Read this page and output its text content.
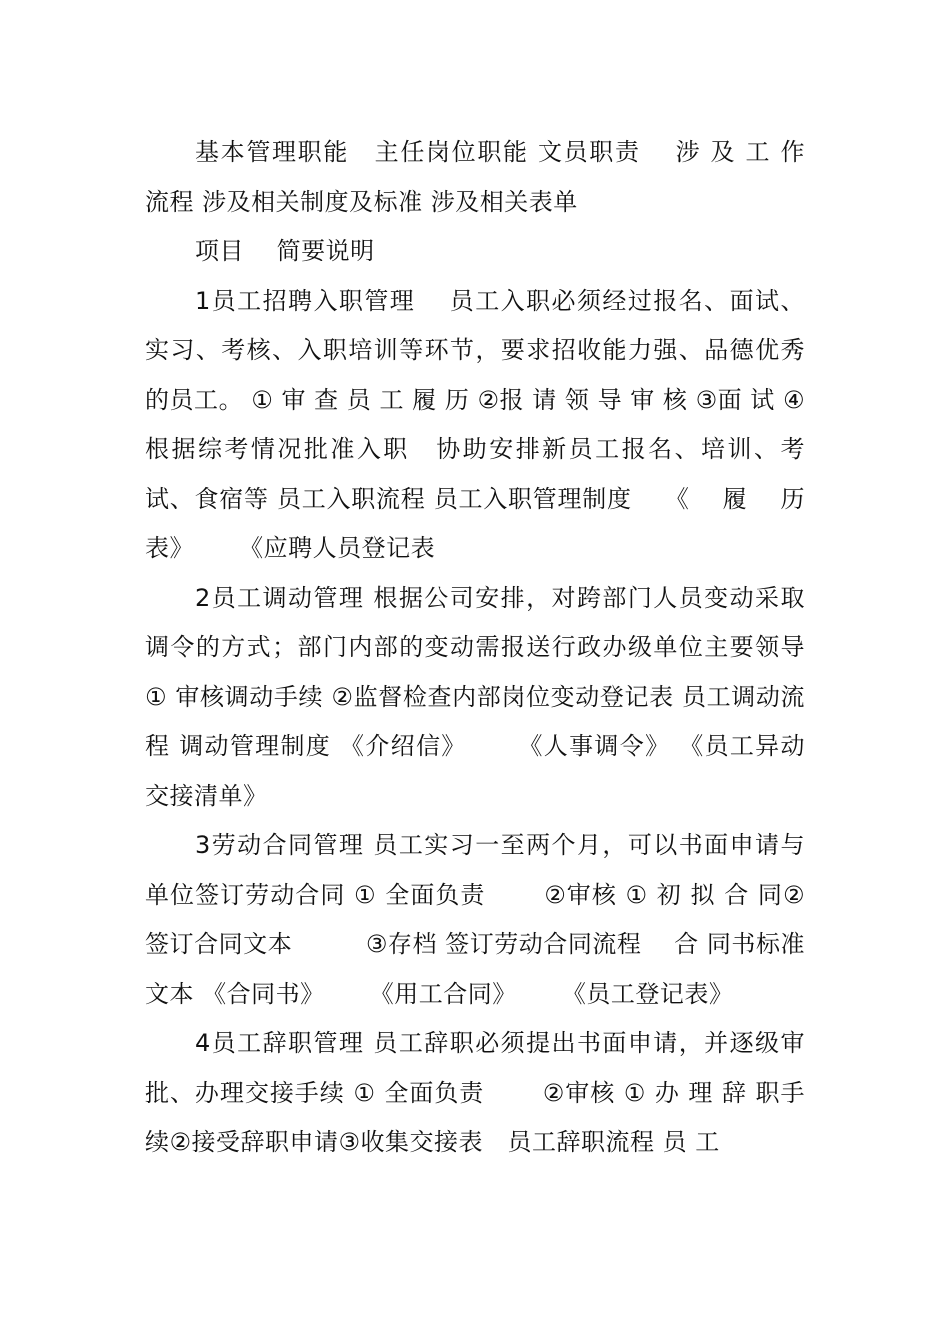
基本管理职能　主任岗位职能 文员职责　 涉 及 工 作 流程 涉及相关制度及标准 涉及相关表单

项目　 简要说明

1员工招聘入职管理　 员工入职必须经过报名、面试、实习、考核、入职培训等环节，要求招收能力强、品德优秀的员工。 ① 审 查 员 工 履 历 ②报 请 领 导 审 核 ③面 试 ④根据综考情况批准入职　协助安排新员工报名、培训、考试、食宿等 员工入职流程 员工入职管理制度　 《　 履　 历表》　　 《应聘人员登记表

2员工调动管理 根据公司安排，对跨部门人员变动采取调令的方式；部门内部的变动需报送行政办级单位主要领导 ① 审核调动手续 ②监督检查内部岗位变动登记表 员工调动流程 调动管理制度 《介绍信》　　　《人事调令》 《员工异动交接清单》

3劳动合同管理 员工实习一至两个月，可以书面申请与单位签订劳动合同 ① 全面负责　　 ②审核 ① 初 拟 合 同②签订合同文本　　　③存档 签订劳动合同流程　 合 同书标准文本 《合同书》　　 《用工合同》　　 《员工登记表》

4员工辞职管理 员工辞职必须提出书面申请，并逐级审批、办理交接手续 ① 全面负责　　 ②审核 ① 办 理 辞 职手续②接受辞职申请③收集交接表　员工辞职流程 员 工
